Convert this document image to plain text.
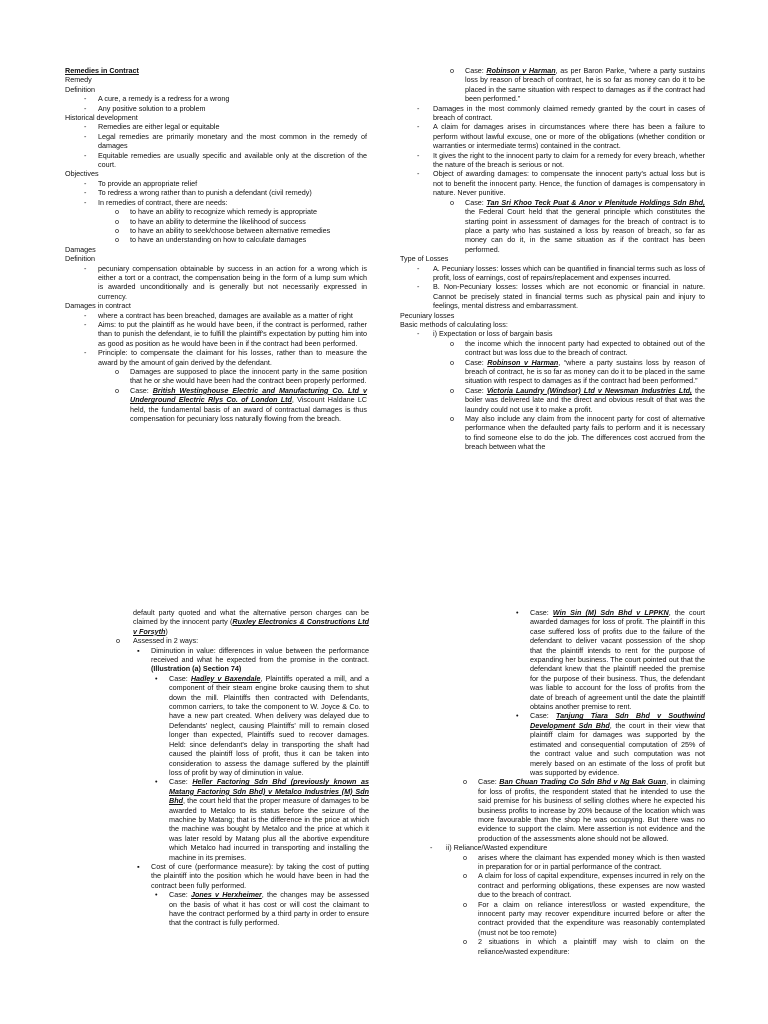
Remedies in Contract
Remedy
Definition
- A cure, a remedy is a redress for a wrong
- Any positive solution to a problem
Historical development
- Remedies are either legal or equitable
- Legal remedies are primarily monetary and the most common in the remedy of damages
- Equitable remedies are usually specific and available only at the discretion of the court.
Objectives
- To provide an appropriate relief
- To redress a wrong rather than to punish a defendant (civil remedy)
- In remedies of contract, there are needs:
o to have an ability to recognize which remedy is appropriate
o to have an ability to determine the likelihood of success
o to have an ability to seek/choose between alternative remedies
o to have an understanding on how to calculate damages
Damages
Definition
- pecuniary compensation obtainable by success in an action for a wrong which is either a tort or a contract, the compensation being in the form of a lump sum which is awarded unconditionally and is generally but not necessarily expressed in currency.
Damages in contract
- where a contract has been breached, damages are available as a matter of right
- Aims: to put the plaintiff as he would have been, if the contract is performed, rather than to punish the defendant, ie to fulfill the plaintiff's expectation by putting him into as good as position as he would have been in if the contract had been performed.
- Principle: to compensate the claimant for his losses, rather than to measure the award by the amount of gain derived by the defendant.
o Damages are supposed to place the innocent party in the same position that he or she would have been had the contract been properly performed.
o Case: British Westinghouse Electric and Manufacturing Co. Ltd v Underground Electric Rlys Co. of London Ltd, Viscount Haldane LC held, the fundamental basis of an award of contractual damages is thus compensation for pecuniary loss naturally flowing from the breach.
o Case: Robinson v Harman, as per Baron Parke, “where a party sustains loss by reason of breach of contract, he is so far as money can do it to be placed in the same situation with respect to damages as if the contract had been performed.”
- Damages in the most commonly claimed remedy granted by the court in cases of breach of contract.
- A claim for damages arises in circumstances where there has been a failure to perform without lawful excuse, one or more of the obligations (whether condition or warranties or intermediate terms) contained in the contract.
- It gives the right to the innocent party to claim for a remedy for every breach, whether the nature of the breach is serious or not.
- Object of awarding damages: to compensate the innocent party's actual loss but is not to benefit the innocent party. Hence, the function of damages is compensatory in nature. Never punitive.
o Case: Tan Sri Khoo Teck Puat & Anor v Plenitude Holdings Sdn Bhd, the Federal Court held that the general principle which constitutes the starting point in assessment of damages for the breach of contract is to place a party who has sustained a loss by reason of breach, so far as money can do it, in the same situation as if the contract has been performed.
Type of Losses
- A. Pecuniary losses: losses which can be quantified in financial terms such as loss of profit, loss of earnings, cost of repairs/replacement and expenses incurred.
- B. Non-Pecuniary losses: losses which are not economic or financial in nature. Cannot be precisely stated in financial terms such as physical pain and injury to feelings, mental distress and embarrassment.
Pecuniary losses
Basic methods of calculating loss:
- i) Expectation or loss of bargain basis
o the income which the innocent party had expected to obtained out of the contract but was loss due to the breach of contract.
o Case: Robinson v Harman, “where a party sustains loss by reason of breach of contract, he is so far as money can do it to be placed in the same situation with respect to damages as if the contract had been performed.”
o Case: Victoria Laundry (Windsor) Ltd v Newsman Industries Ltd, the boiler was delivered late and the direct and obvious result of that was the laundry could not use it to make a profit.
o May also include any claim from the innocent party for cost of alternative performance when the defaulted party fails to perform and it is necessary to find someone else to do the job. The differences cost accrued from the breach between what the
default party quoted and what the alternative person charges can be claimed by the innocent party (Ruxley Electronics & Constructions Ltd v Forsyth)
o Assessed in 2 ways:
▪ Diminution in value: differences in value between the performance received and what he expected from the promise in the contract. (Illustration (a) Section 74)
• Case: Hadley v Baxendale, Plaintiffs operated a mill, and a component of their steam engine broke causing them to shut down the mill. Plaintiffs then contracted with Defendants, common carriers, to take the component to W. Joyce & Co. to have a new part created. When delivery was delayed due to Defendants' neglect, causing Plaintiffs' mill to remain closed longer than expected, Plaintiffs sued to recover damages. Held: since defendant's delay in transporting the shaft had caused the plaintiff loss of profit, thus it can be taken into consideration to assess the damage suffered by the plaintiff loss of profit by way of diminution in value.
• Case: Heller Factoring Sdn Bhd (previously known as Matang Factoring Sdn Bhd) v Metalco Industries (M) Sdn Bhd, the court held that the proper measure of damages to be awarded to Metalco to its status before the seizure of the machine by Matang; that is the difference in the price at which the machine was bought by Metalco and the price at which it was later resold by Matang plus all the abortive expenditure which Metalco had incurred in transporting and installing the machine in its premises.
▪ Cost of cure (performance measure): by taking the cost of putting the plaintiff into the position which he would have been in had the contract been fully performed.
• Case: Jones v Herxheimer, the changes may be assessed on the basis of what it has cost or will cost the claimant to have the contract performed by a third party in order to ensure that the contract is fully performed.
• Case: Win Sin (M) Sdn Bhd v LPPKN, the court awarded damages for loss of profit. The plaintiff in this case suffered loss of profits due to the failure of the defendant to deliver vacant possession of the shop that the plaintiff intends to rent for the purpose of expanding her business. The court pointed out that the defendant knew that the plaintiff needed the premise for the purpose of their business. Thus, the defendant was liable to account for the loss of profits from the date of breach of agreement until the date the plaintiff obtains another premise to rent.
• Case: Tanjung Tiara Sdn Bhd v Southwind Development Sdn Bhd, the court in their view that plaintiff claim for damages was supported by the estimated and consequential computation of 25% of the contract value and such computation was not merely based on an estimate of the loss of profit but was supported by evidence.
o Case: Ban Chuan Trading Co Sdn Bhd v Ng Bak Guan, in claiming for loss of profits, the respondent stated that he intended to use the said premise for his business of selling clothes where he expected his business profits to increase by 20% because of the location which was more favourable than the shop he was occupying. But there was no evidence to support the claim. Mere assertion is not evidence and the production of the assessments alone should not be allowed.
- ii) Reliance/Wasted expenditure
o arises where the claimant has expended money which is then wasted in preparation for or in partial performance of the contract.
o A claim for loss of capital expenditure, expenses incurred in rely on the contract and performing obligations, these expenses are now wasted due to the breach of contract.
o For a claim on reliance interest/loss or wasted expenditure, the innocent party may recover expenditure incurred before or after the contract provided that the expenditure was reasonably contemplated (must not be too remote)
o 2 situations in which a plaintiff may wish to claim on the reliance/wasted expenditure:
